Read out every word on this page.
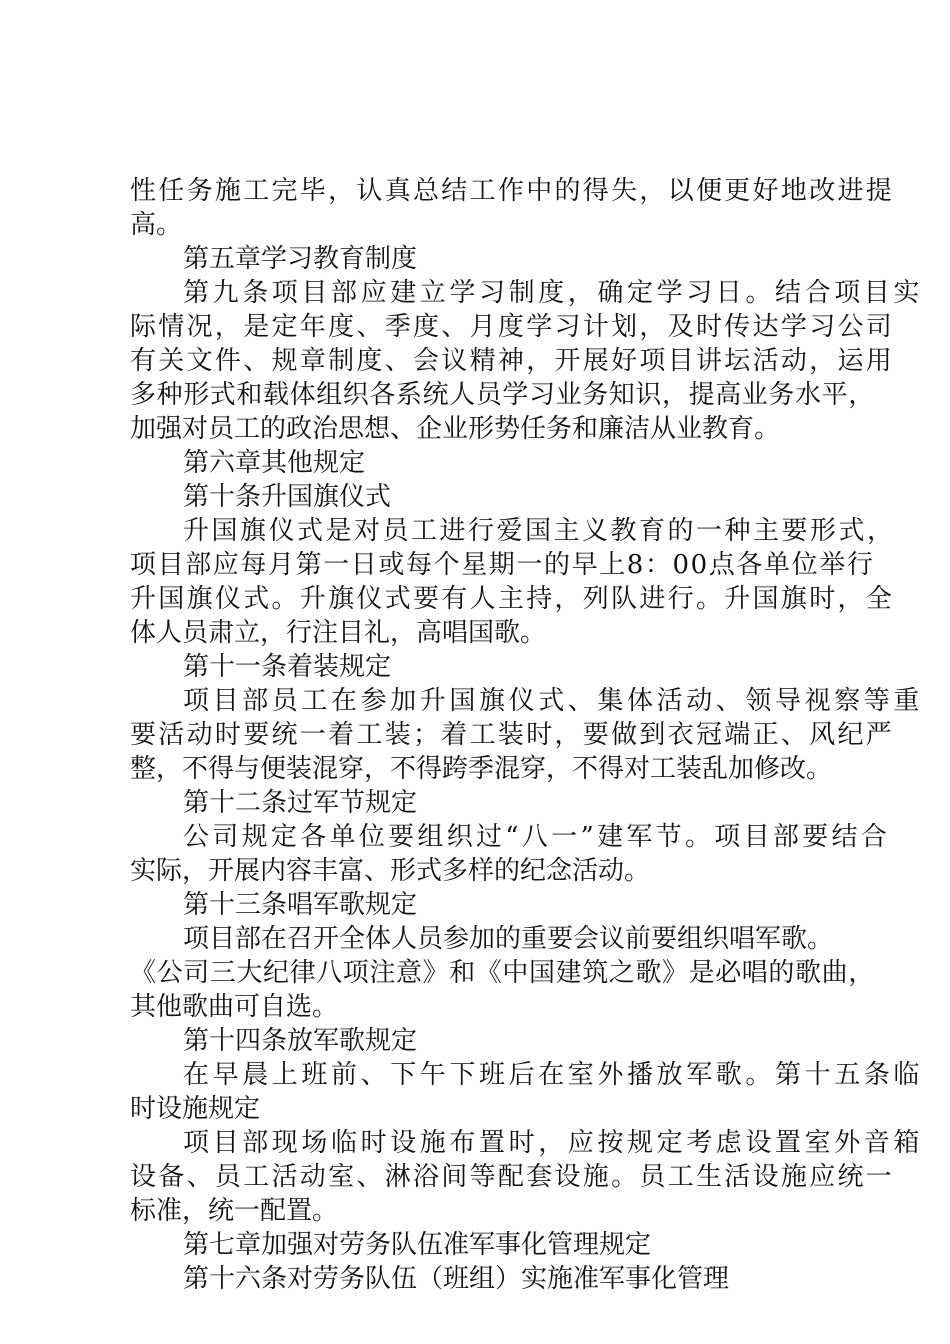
性任务施工完毕，认真总结工作中的得失，以便更好地改进提
高。
第五章学习教育制度
第九条项目部应建立学习制度，确定学习日。结合项目实
际情况，是定年度、季度、月度学习计划，及时传达学习公司
有关文件、规章制度、会议精神，开展好项目讲坛活动，运用
多种形式和载体组织各系统人员学习业务知识，提高业务水平，
加强对员工的政治思想、企业形势任务和廉洁从业教育。
第六章其他规定
第十条升国旗仪式
升国旗仪式是对员工进行爱国主义教育的一种主要形式，
项目部应每月第一日或每个星期一的早上8：00点各单位举行
升国旗仪式。升旗仪式要有人主持，列队进行。升国旗时，全
体人员肃立，行注目礼，高唱国歌。
第十一条着装规定
项目部员工在参加升国旗仪式、集体活动、领导视察等重
要活动时要统一着工装；着工装时，要做到衣冠端正、风纪严
整，不得与便装混穿，不得跨季混穿，不得对工装乱加修改。
第十二条过军节规定
公司规定各单位要组织过“八一”建军节。项目部要结合
实际，开展内容丰富、形式多样的纪念活动。
第十三条唱军歌规定
项目部在召开全体人员参加的重要会议前要组织唱军歌。
《公司三大纪律八项注意》和《中国建筑之歌》是必唱的歌曲，
其他歌曲可自选。
第十四条放军歌规定
在早晨上班前、下午下班后在室外播放军歌。第十五条临
时设施规定
项目部现场临时设施布置时，应按规定考虑设置室外音箱
设备、员工活动室、淋浴间等配套设施。员工生活设施应统一
标准，统一配置。
第七章加强对劳务队伍准军事化管理规定
第十六条对劳务队伍（班组）实施准军事化管理
